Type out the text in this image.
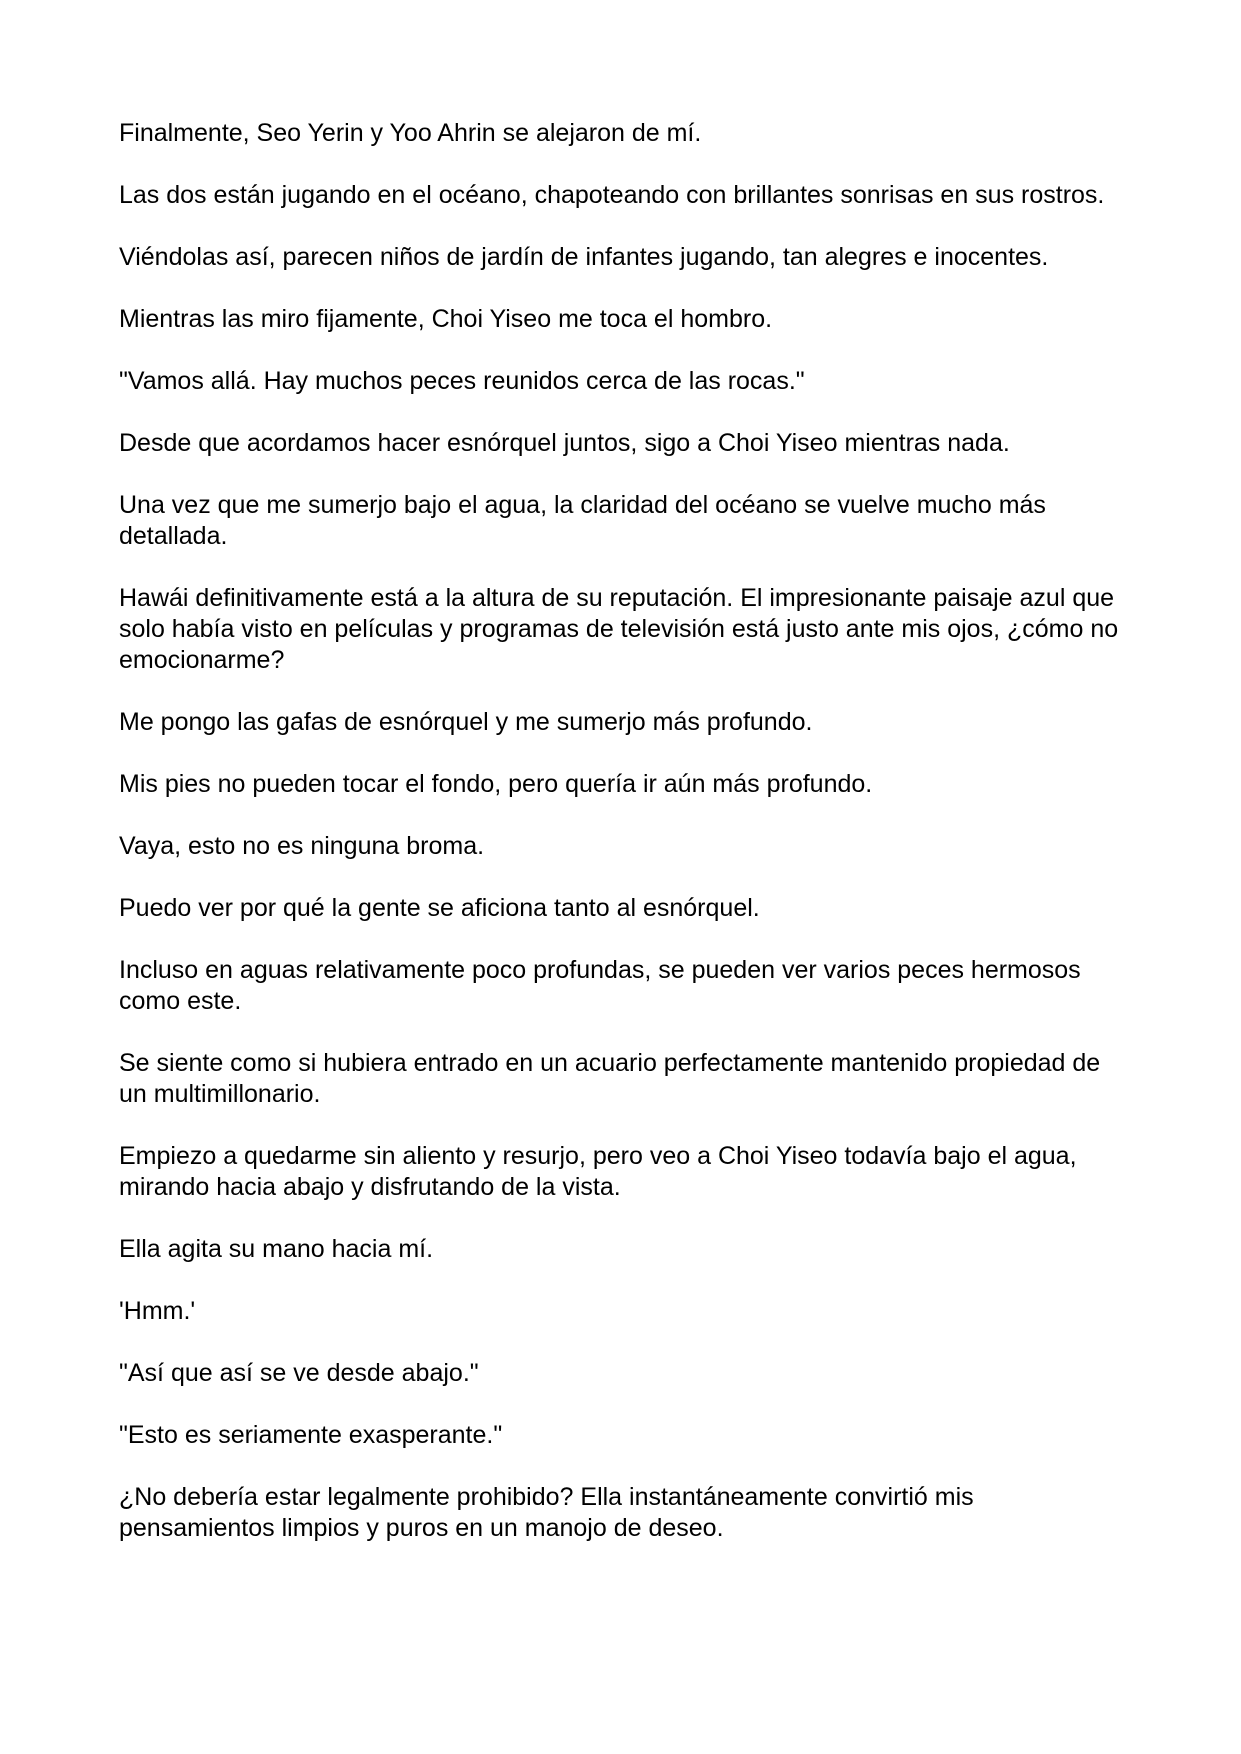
Finalmente, Seo Yerin y Yoo Ahrin se alejaron de mí.

Las dos están jugando en el océano, chapoteando con brillantes sonrisas en sus rostros.

Viéndolas así, parecen niños de jardín de infantes jugando, tan alegres e inocentes.

Mientras las miro fijamente, Choi Yiseo me toca el hombro.

"Vamos allá. Hay muchos peces reunidos cerca de las rocas."

Desde que acordamos hacer esnórquel juntos, sigo a Choi Yiseo mientras nada.

Una vez que me sumerjo bajo el agua, la claridad del océano se vuelve mucho más detallada.

Hawái definitivamente está a la altura de su reputación. El impresionante paisaje azul que solo había visto en películas y programas de televisión está justo ante mis ojos, ¿cómo no emocionarme?

Me pongo las gafas de esnórquel y me sumerjo más profundo.

Mis pies no pueden tocar el fondo, pero quería ir aún más profundo.

Vaya, esto no es ninguna broma.

Puedo ver por qué la gente se aficiona tanto al esnórquel.

Incluso en aguas relativamente poco profundas, se pueden ver varios peces hermosos como este.

Se siente como si hubiera entrado en un acuario perfectamente mantenido propiedad de un multimillonario.

Empiezo a quedarme sin aliento y resurjo, pero veo a Choi Yiseo todavía bajo el agua, mirando hacia abajo y disfrutando de la vista.

Ella agita su mano hacia mí.

'Hmm.'

"Así que así se ve desde abajo."

"Esto es seriamente exasperante."

¿No debería estar legalmente prohibido? Ella instantáneamente convirtió mis pensamientos limpios y puros en un manojo de deseo.
